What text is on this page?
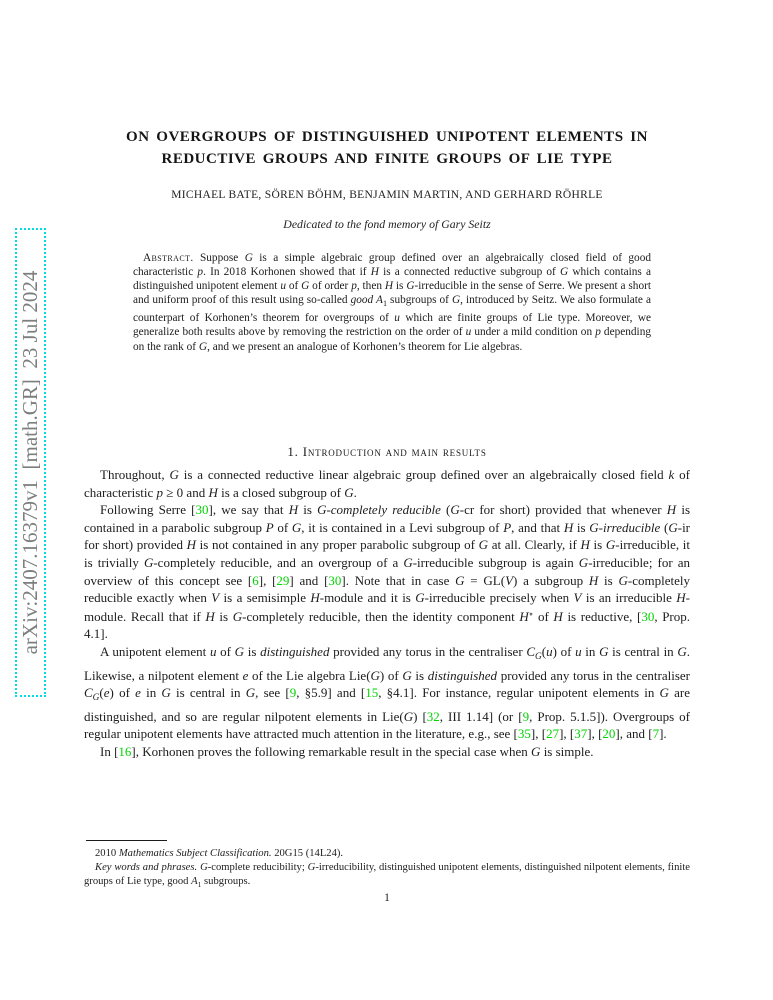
arXiv:2407.16379v1  [math.GR]  23 Jul 2024
ON OVERGROUPS OF DISTINGUISHED UNIPOTENT ELEMENTS IN
REDUCTIVE GROUPS AND FINITE GROUPS OF LIE TYPE
MICHAEL BATE, SÖREN BÖHM, BENJAMIN MARTIN, AND GERHARD RÖHRLE
Dedicated to the fond memory of Gary Seitz

Abstract. Suppose G is a simple algebraic group defined over an algebraically closed field of good characteristic p. In 2018 Korhonen showed that if H is a connected reductive subgroup of G which contains a distinguished unipotent element u of G of order p, then H is G-irreducible in the sense of Serre. We present a short and uniform proof of this result using so-called good $A_1$ subgroups of G, introduced by Seitz. We also formulate a counterpart of Korhonen’s theorem for overgroups of u which are finite groups of Lie type. Moreover, we generalize both results above by removing the restriction on the order of u under a mild condition on p depending on the rank of G, and we present an analogue of Korhonen’s theorem for Lie algebras.

1. Introduction and main results

Throughout, G is a connected reductive linear algebraic group defined over an algebraically closed field k of characteristic p ≥ 0 and H is a closed subgroup of G.

Following Serre [30], we say that H is G-completely reducible (G-cr for short) provided that whenever H is contained in a parabolic subgroup P of G, it is contained in a Levi subgroup of P, and that H is G-irreducible (G-ir for short) provided H is not contained in any proper parabolic subgroup of G at all. Clearly, if H is G-irreducible, it is trivially G-completely reducible, and an overgroup of a G-irreducible subgroup is again G-irreducible; for an overview of this concept see [6], [29] and [30]. Note that in case G = GL(V) a subgroup H is G-completely reducible exactly when V is a semisimple H-module and it is G-irreducible precisely when V is an irreducible H-module. Recall that if H is G-completely reducible, then the identity component H∘ of H is reductive, [30, Prop. 4.1].

A unipotent element u of G is distinguished provided any torus in the centraliser $C_G(u)$ of u in G is central in G. Likewise, a nilpotent element e of the Lie algebra Lie(G) of G is distinguished provided any torus in the centraliser $C_G(e)$ of e in G is central in G, see [9, §5.9] and [15, §4.1]. For instance, regular unipotent elements in G are distinguished, and so are regular nilpotent elements in Lie(G) [32, III 1.14] (or [9, Prop. 5.1.5]). Overgroups of regular unipotent elements have attracted much attention in the literature, e.g., see [35], [27], [37], [20], and [7].

In [16], Korhonen proves the following remarkable result in the special case when G is simple.

2010 Mathematics Subject Classification. 20G15 (14L24).

Key words and phrases. G-complete reducibility; G-irreducibility, distinguished unipotent elements, distinguished nilpotent elements, finite groups of Lie type, good $A_1$ subgroups.

1
